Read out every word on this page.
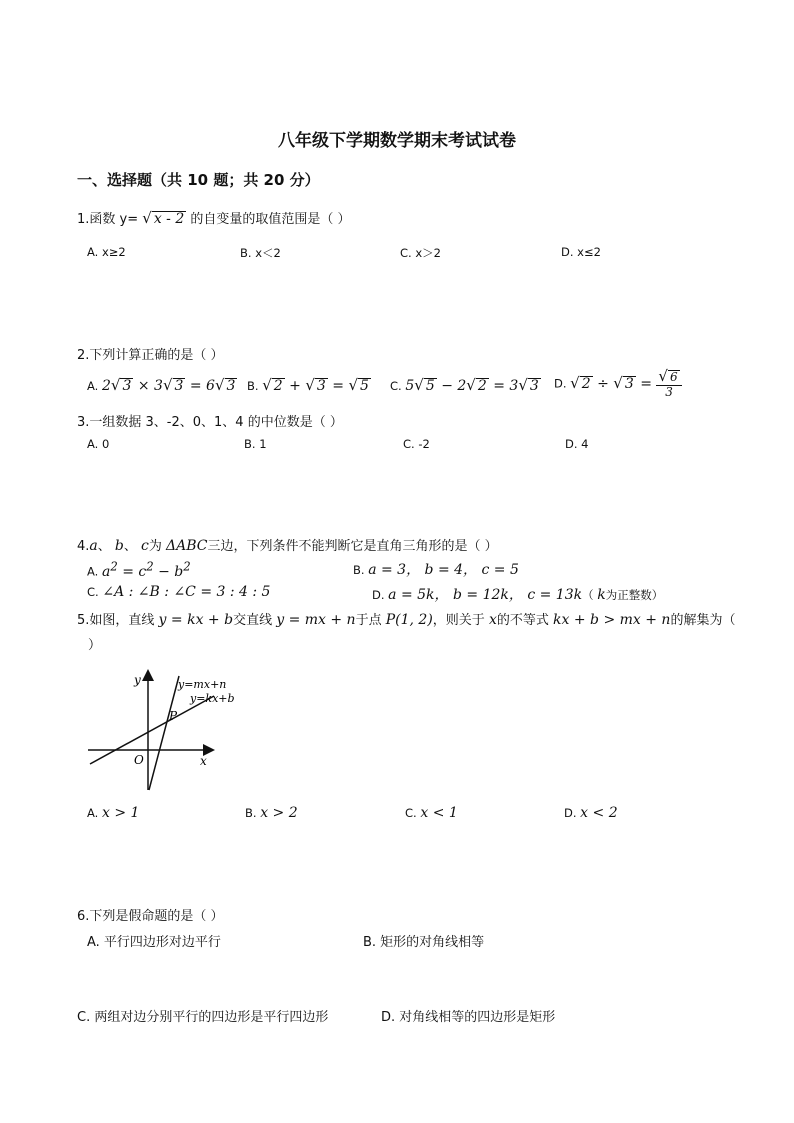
八年级下学期数学期末考试试卷
一、选择题（共 10 题；共 20 分）
1.函数 y= √ x - 2 的自变量的取值范围是（ ）
A. x≥2	B. x＜2	C. x＞2	D. x≤2
2.下列计算正确的是（ ）
A. 2√ 3 × 3√ 3 = 6√ 3 B. √ 2 + √ 3 = √ 5 C. 5√ 5 − 2√ 2 = 3√ 3 D. √ 2 ÷ √ $3 = \frac{√ 6}{3}$
3.一组数据 3、-2、0、1、4 的中位数是（ ）
A. 0	B. 1	C. -2	D. 4
4.a、 b、 c为 ΔABC三边，下列条件不能判断它是直角三角形的是（ ）
A. $a^2 = c^2 - b^2$	B. a = 3， b = 4， c = 5
C. ∠A : ∠B : ∠C = 3 : 4 : 5	D. a = 5k， b = 12k， c = 13k（ k为正整数）
5.如图，直线 y = kx + b交直线 y = mx + n于点 P(1, 2)，则关于 x的不等式 kx + b > mx + n的解集为（
）
y
x
O
P
y=mx+n
y=kx+b
A. x > 1	B. x > 2	C. x < 1	D. x < 2
6.下列是假命题的是（ ）
A. 平行四边形对边平行	B. 矩形的对角线相等
C. 两组对边分别平行的四边形是平行四边形	D. 对角线相等的四边形是矩形
